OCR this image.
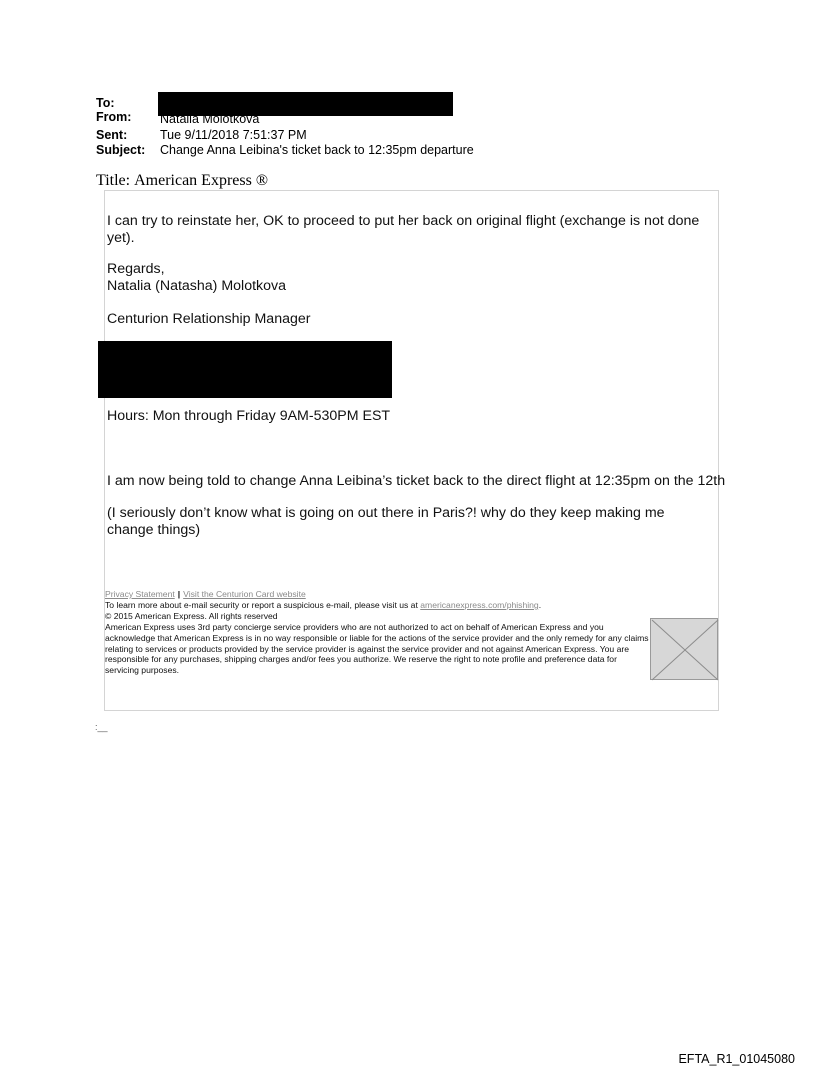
To:
From: Natalia Molotkova
Sent:	Tue 9/11/2018 7:51:37 PM
Subject: Change Anna Leibina's ticket back to 12:35pm departure
Title: American Express ®
I can try to reinstate her, OK to proceed to put her back on original flight (exchange is not done yet).
Regards,
Natalia (Natasha) Molotkova
Centurion Relationship Manager
Hours: Mon through Friday 9AM-530PM EST
I am now being told to change Anna Leibina’s ticket back to the direct flight at 12:35pm on the 12th
(I seriously don’t know what is going on out there in Paris?! why do they keep making me change things)
Privacy Statement | Visit the Centurion Card website
To learn more about e-mail security or report a suspicious e-mail, please visit us at americanexpress.com/phishing.
© 2015 American Express. All rights reserved
American Express uses 3rd party concierge service providers who are not authorized to act on behalf of American Express and you acknowledge that American Express is in no way responsible or liable for the actions of the service provider and the only remedy for any claims relating to services or products provided by the service provider is against the service provider and not against American Express. You are responsible for any purchases, shipping charges and/or fees you authorize. We reserve the right to note profile and preference data for servicing purposes.
:__
EFTA_R1_01045080
